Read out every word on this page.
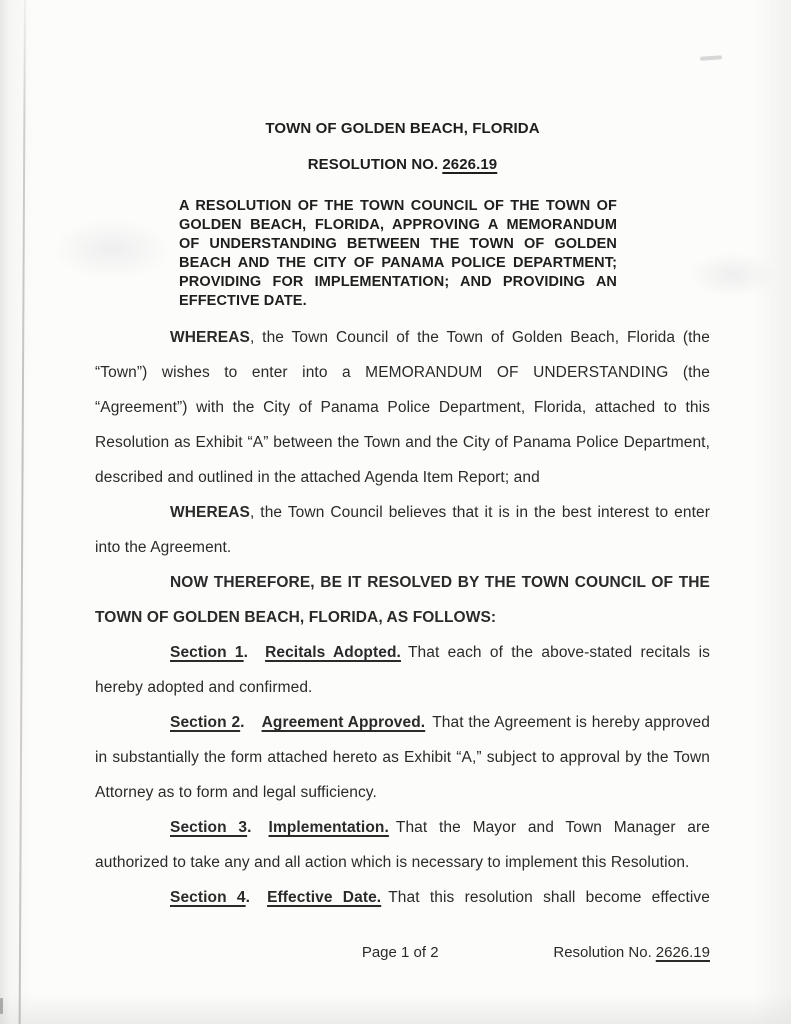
TOWN OF GOLDEN BEACH, FLORIDA
RESOLUTION NO. 2626.19
A RESOLUTION OF THE TOWN COUNCIL OF THE TOWN OF GOLDEN BEACH, FLORIDA, APPROVING A MEMORANDUM OF UNDERSTANDING BETWEEN THE TOWN OF GOLDEN BEACH AND THE CITY OF PANAMA POLICE DEPARTMENT; PROVIDING FOR IMPLEMENTATION; AND PROVIDING AN EFFECTIVE DATE.

WHEREAS, the Town Council of the Town of Golden Beach, Florida (the “Town”) wishes to enter into a MEMORANDUM OF UNDERSTANDING (the “Agreement”) with the City of Panama Police Department, Florida, attached to this Resolution as Exhibit “A” between the Town and the City of Panama Police Department, described and outlined in the attached Agenda Item Report; and

WHEREAS, the Town Council believes that it is in the best interest to enter into the Agreement.

NOW THEREFORE, BE IT RESOLVED BY THE TOWN COUNCIL OF THE TOWN OF GOLDEN BEACH, FLORIDA, AS FOLLOWS:

Section 1. Recitals Adopted. That each of the above-stated recitals is hereby adopted and confirmed.

Section 2. Agreement Approved. That the Agreement is hereby approved in substantially the form attached hereto as Exhibit “A,” subject to approval by the Town Attorney as to form and legal sufficiency.

Section 3. Implementation. That the Mayor and Town Manager are authorized to take any and all action which is necessary to implement this Resolution.

Section 4. Effective Date. That this resolution shall become effective

Page 1 of 2	Resolution No. 2626.19
